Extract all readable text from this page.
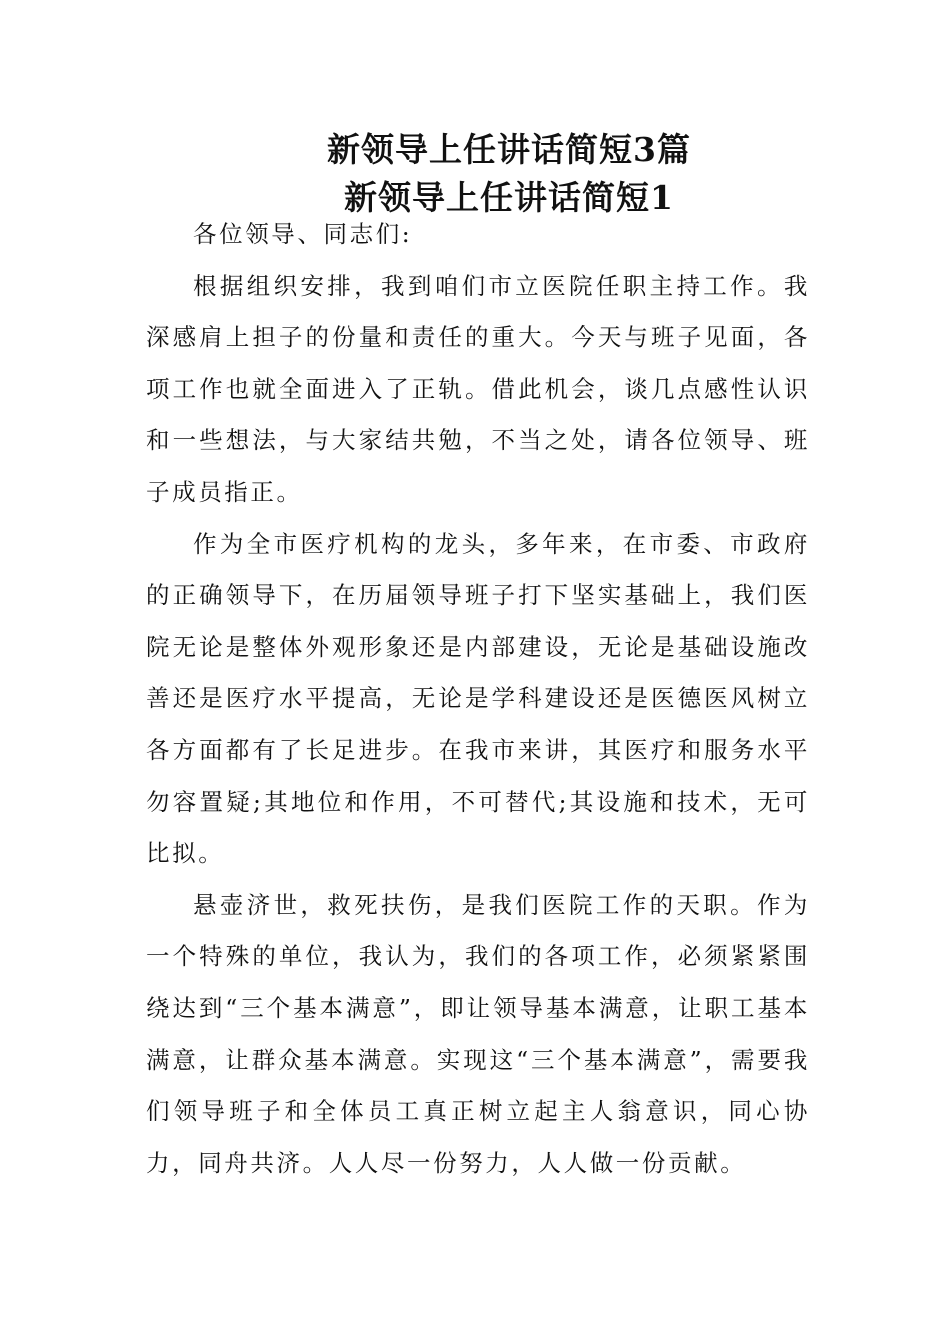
新领导上任讲话简短3篇
新领导上任讲话简短1

各位领导、同志们:

根据组织安排，我到咱们市立医院任职主持工作。我深感肩上担子的份量和责任的重大。今天与班子见面，各项工作也就全面进入了正轨。借此机会，谈几点感性认识和一些想法，与大家结共勉，不当之处，请各位领导、班子成员指正。

作为全市医疗机构的龙头，多年来，在市委、市政府的正确领导下，在历届领导班子打下坚实基础上，我们医院无论是整体外观形象还是内部建设，无论是基础设施改善还是医疗水平提高，无论是学科建设还是医德医风树立各方面都有了长足进步。在我市来讲，其医疗和服务水平勿容置疑;其地位和作用，不可替代;其设施和技术，无可比拟。

悬壶济世，救死扶伤，是我们医院工作的天职。作为一个特殊的单位，我认为，我们的各项工作，必须紧紧围绕达到“三个基本满意”，即让领导基本满意，让职工基本满意，让群众基本满意。实现这“三个基本满意”，需要我们领导班子和全体员工真正树立起主人翁意识，同心协力，同舟共济。人人尽一份努力，人人做一份贡献。
